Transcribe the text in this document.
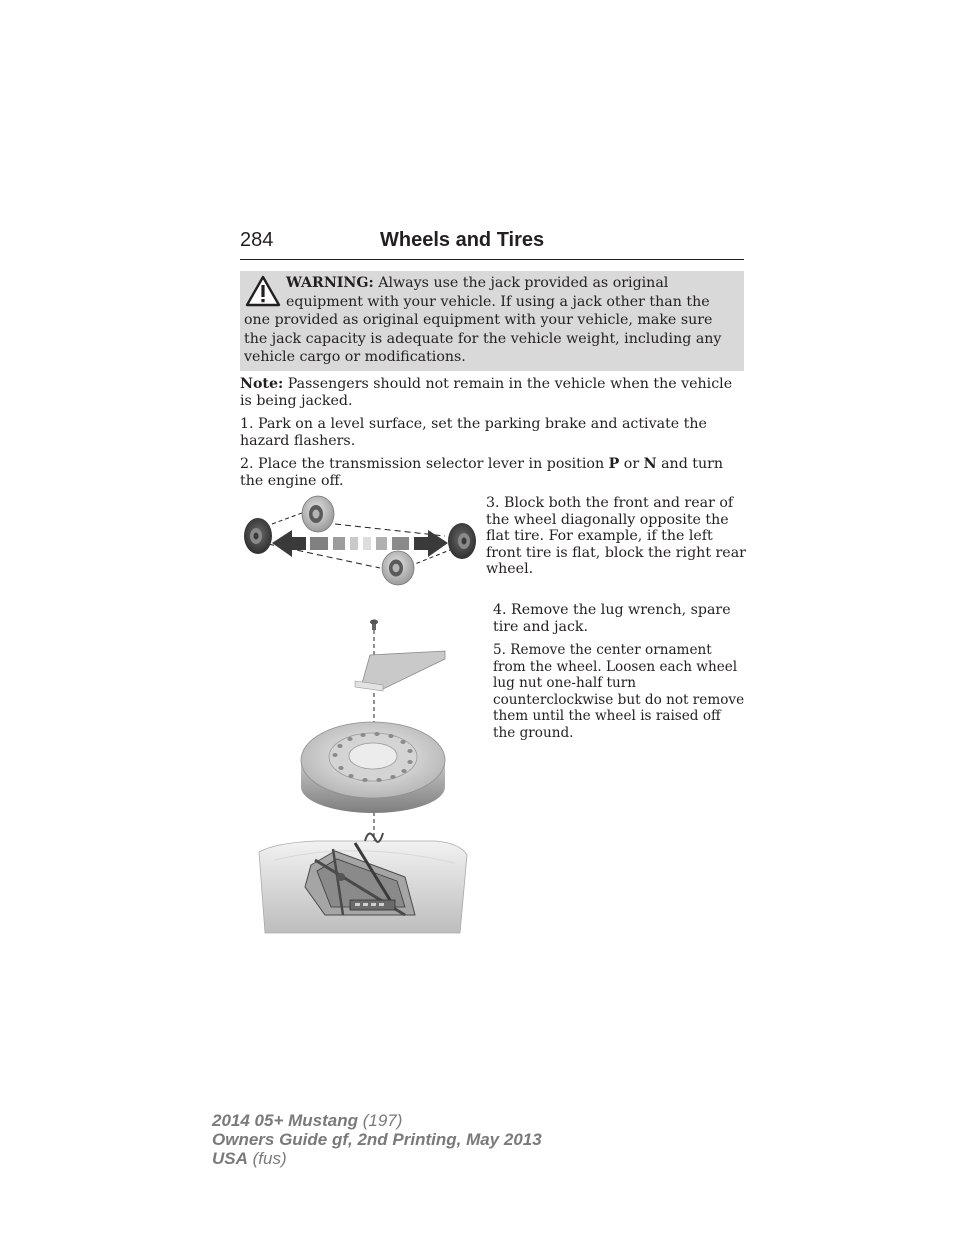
284	Wheels and Tires
WARNING: Always use the jack provided as original equipment with your vehicle. If using a jack other than the one provided as original equipment with your vehicle, make sure the jack capacity is adequate for the vehicle weight, including any vehicle cargo or modifications.

Note: Passengers should not remain in the vehicle when the vehicle is being jacked.

1. Park on a level surface, set the parking brake and activate the hazard flashers.

2. Place the transmission selector lever in position P or N and turn the engine off.

3. Block both the front and rear of the wheel diagonally opposite the flat tire. For example, if the left front tire is flat, block the right rear wheel.

4. Remove the lug wrench, spare tire and jack.

5. Remove the center ornament from the wheel. Loosen each wheel lug nut one-half turn counterclockwise but do not remove them until the wheel is raised off the ground.

2014 05+ Mustang (197)
Owners Guide gf, 2nd Printing, May 2013
USA (fus)
